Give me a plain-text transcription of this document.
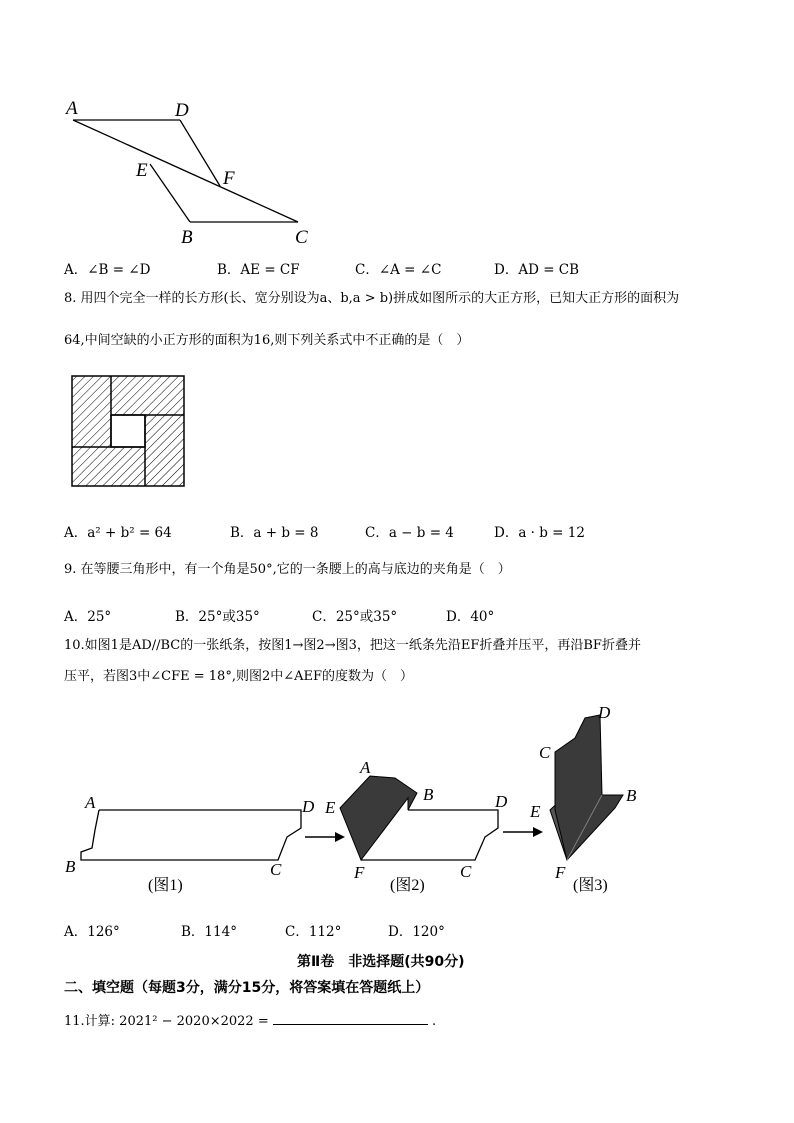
A	D
E	F
B	C
A．∠B = ∠D	B．AE = CF	C．∠A = ∠C	D．AD = CB
8. 用四个完全一样的长方形(长、宽分别设为a、b,a > b)拼成如图所示的大正方形，已知大正方形的面积为
64,中间空缺的小正方形的面积为16,则下列关系式中不正确的是（　）
A．a² + b² = 64	B．a + b = 8	C．a − b = 4	D．a · b = 12
9. 在等腰三角形中，有一个角是50°,它的一条腰上的高与底边的夹角是（　）
A．25°	B．25°或35°	C．25°或35°	D．40°
10.如图1是AD//BC的一张纸条，按图1→图2→图3，把这一纸条先沿EF折叠并压平，再沿BF折叠并
压平，若图3中∠CFE = 18°,则图2中∠AEF的度数为（　）
A	D
B	C
(图1)
A
B	D
E
F	C
(图2)
D
C
E
B
F
(图3)
A．126°	B．114°	C．112°	D．120°
第Ⅱ卷　非选择题(共90分)
二、填空题（每题3分，满分15分，将答案填在答题纸上）
11.计算: 2021² − 2020×2022 =	.
